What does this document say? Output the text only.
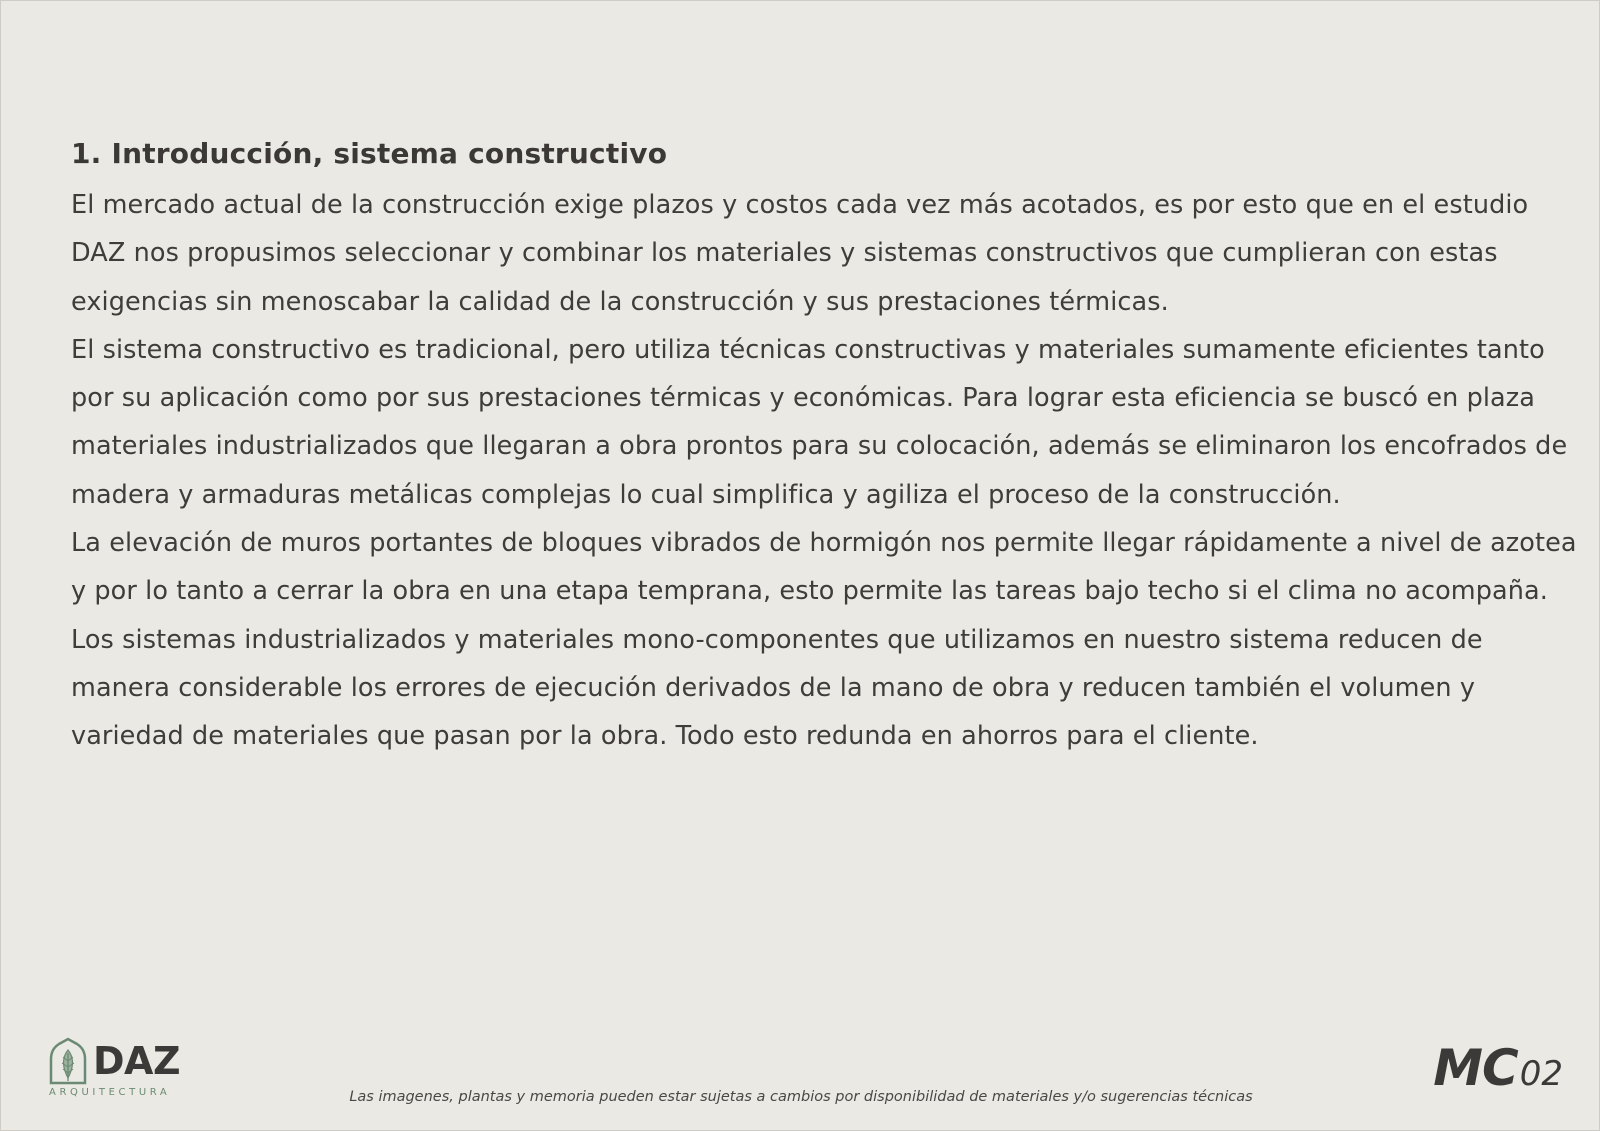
1. Introducción, sistema constructivo

El mercado actual de la construcción exige plazos y costos cada vez más acotados, es por esto que en el estudio DAZ nos propusimos seleccionar y combinar los materiales y sistemas constructivos que cumplieran con estas exigencias sin menoscabar la calidad de la construcción y sus prestaciones térmicas.

El sistema constructivo es tradicional, pero utiliza técnicas constructivas y materiales sumamente eficientes tanto por su aplicación como por sus prestaciones térmicas y económicas. Para lograr esta eficiencia se buscó en plaza materiales industrializados que llegaran a obra prontos para su colocación, además se eliminaron los encofrados de madera y armaduras metálicas complejas lo cual simplifica y agiliza el proceso de la construcción.

La elevación de muros portantes de bloques vibrados de hormigón nos permite llegar rápidamente a nivel de azotea y por lo tanto a cerrar la obra en una etapa temprana, esto permite las tareas bajo techo si el clima no acompaña.

Los sistemas industrializados y materiales mono-componentes que utilizamos en nuestro sistema reducen de manera considerable los errores de ejecución derivados de la mano de obra y reducen también el volumen y variedad de materiales que pasan por la obra. Todo esto redunda en ahorros para el cliente.

DAZ
ARQUITECTURA	Las imagenes, plantas y memoria pueden estar sujetas a cambios por disponibilidad de materiales y/o sugerencias técnicas	MC02
